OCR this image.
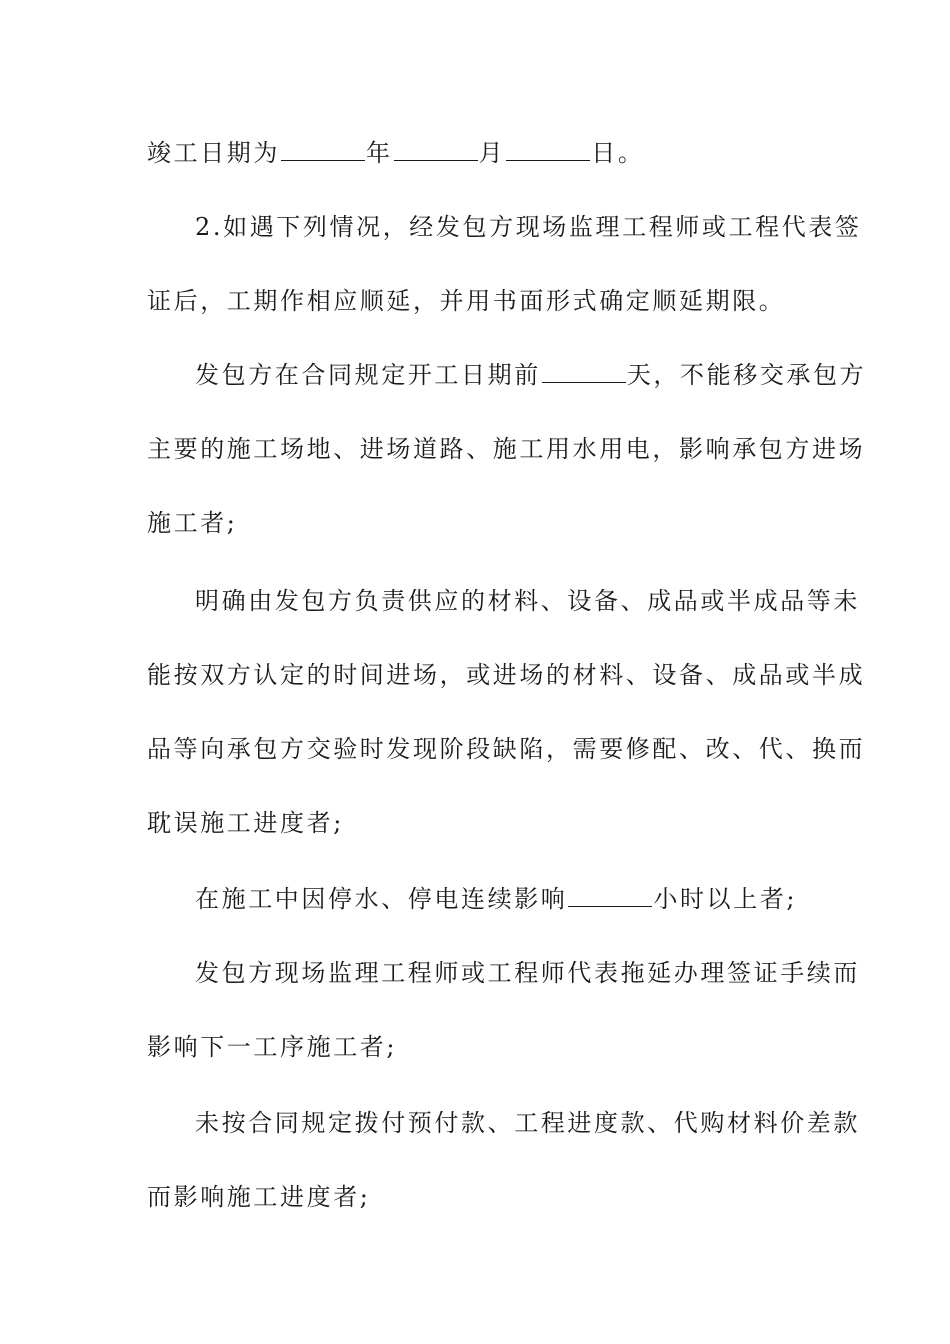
竣工日期为	年	月	日。
2.如遇下列情况，经发包方现场监理工程师或工程代表签
证后，工期作相应顺延，并用书面形式确定顺延期限。
发包方在合同规定开工日期前	天，不能移交承包方
主要的施工场地、进场道路、施工用水用电，影响承包方进场
施工者;
明确由发包方负责供应的材料、设备、成品或半成品等未
能按双方认定的时间进场，或进场的材料、设备、成品或半成
品等向承包方交验时发现阶段缺陷，需要修配、改、代、换而
耽误施工进度者;
在施工中因停水、停电连续影响	小时以上者;
发包方现场监理工程师或工程师代表拖延办理签证手续而
影响下一工序施工者;
未按合同规定拨付预付款、工程进度款、代购材料价差款
而影响施工进度者;
